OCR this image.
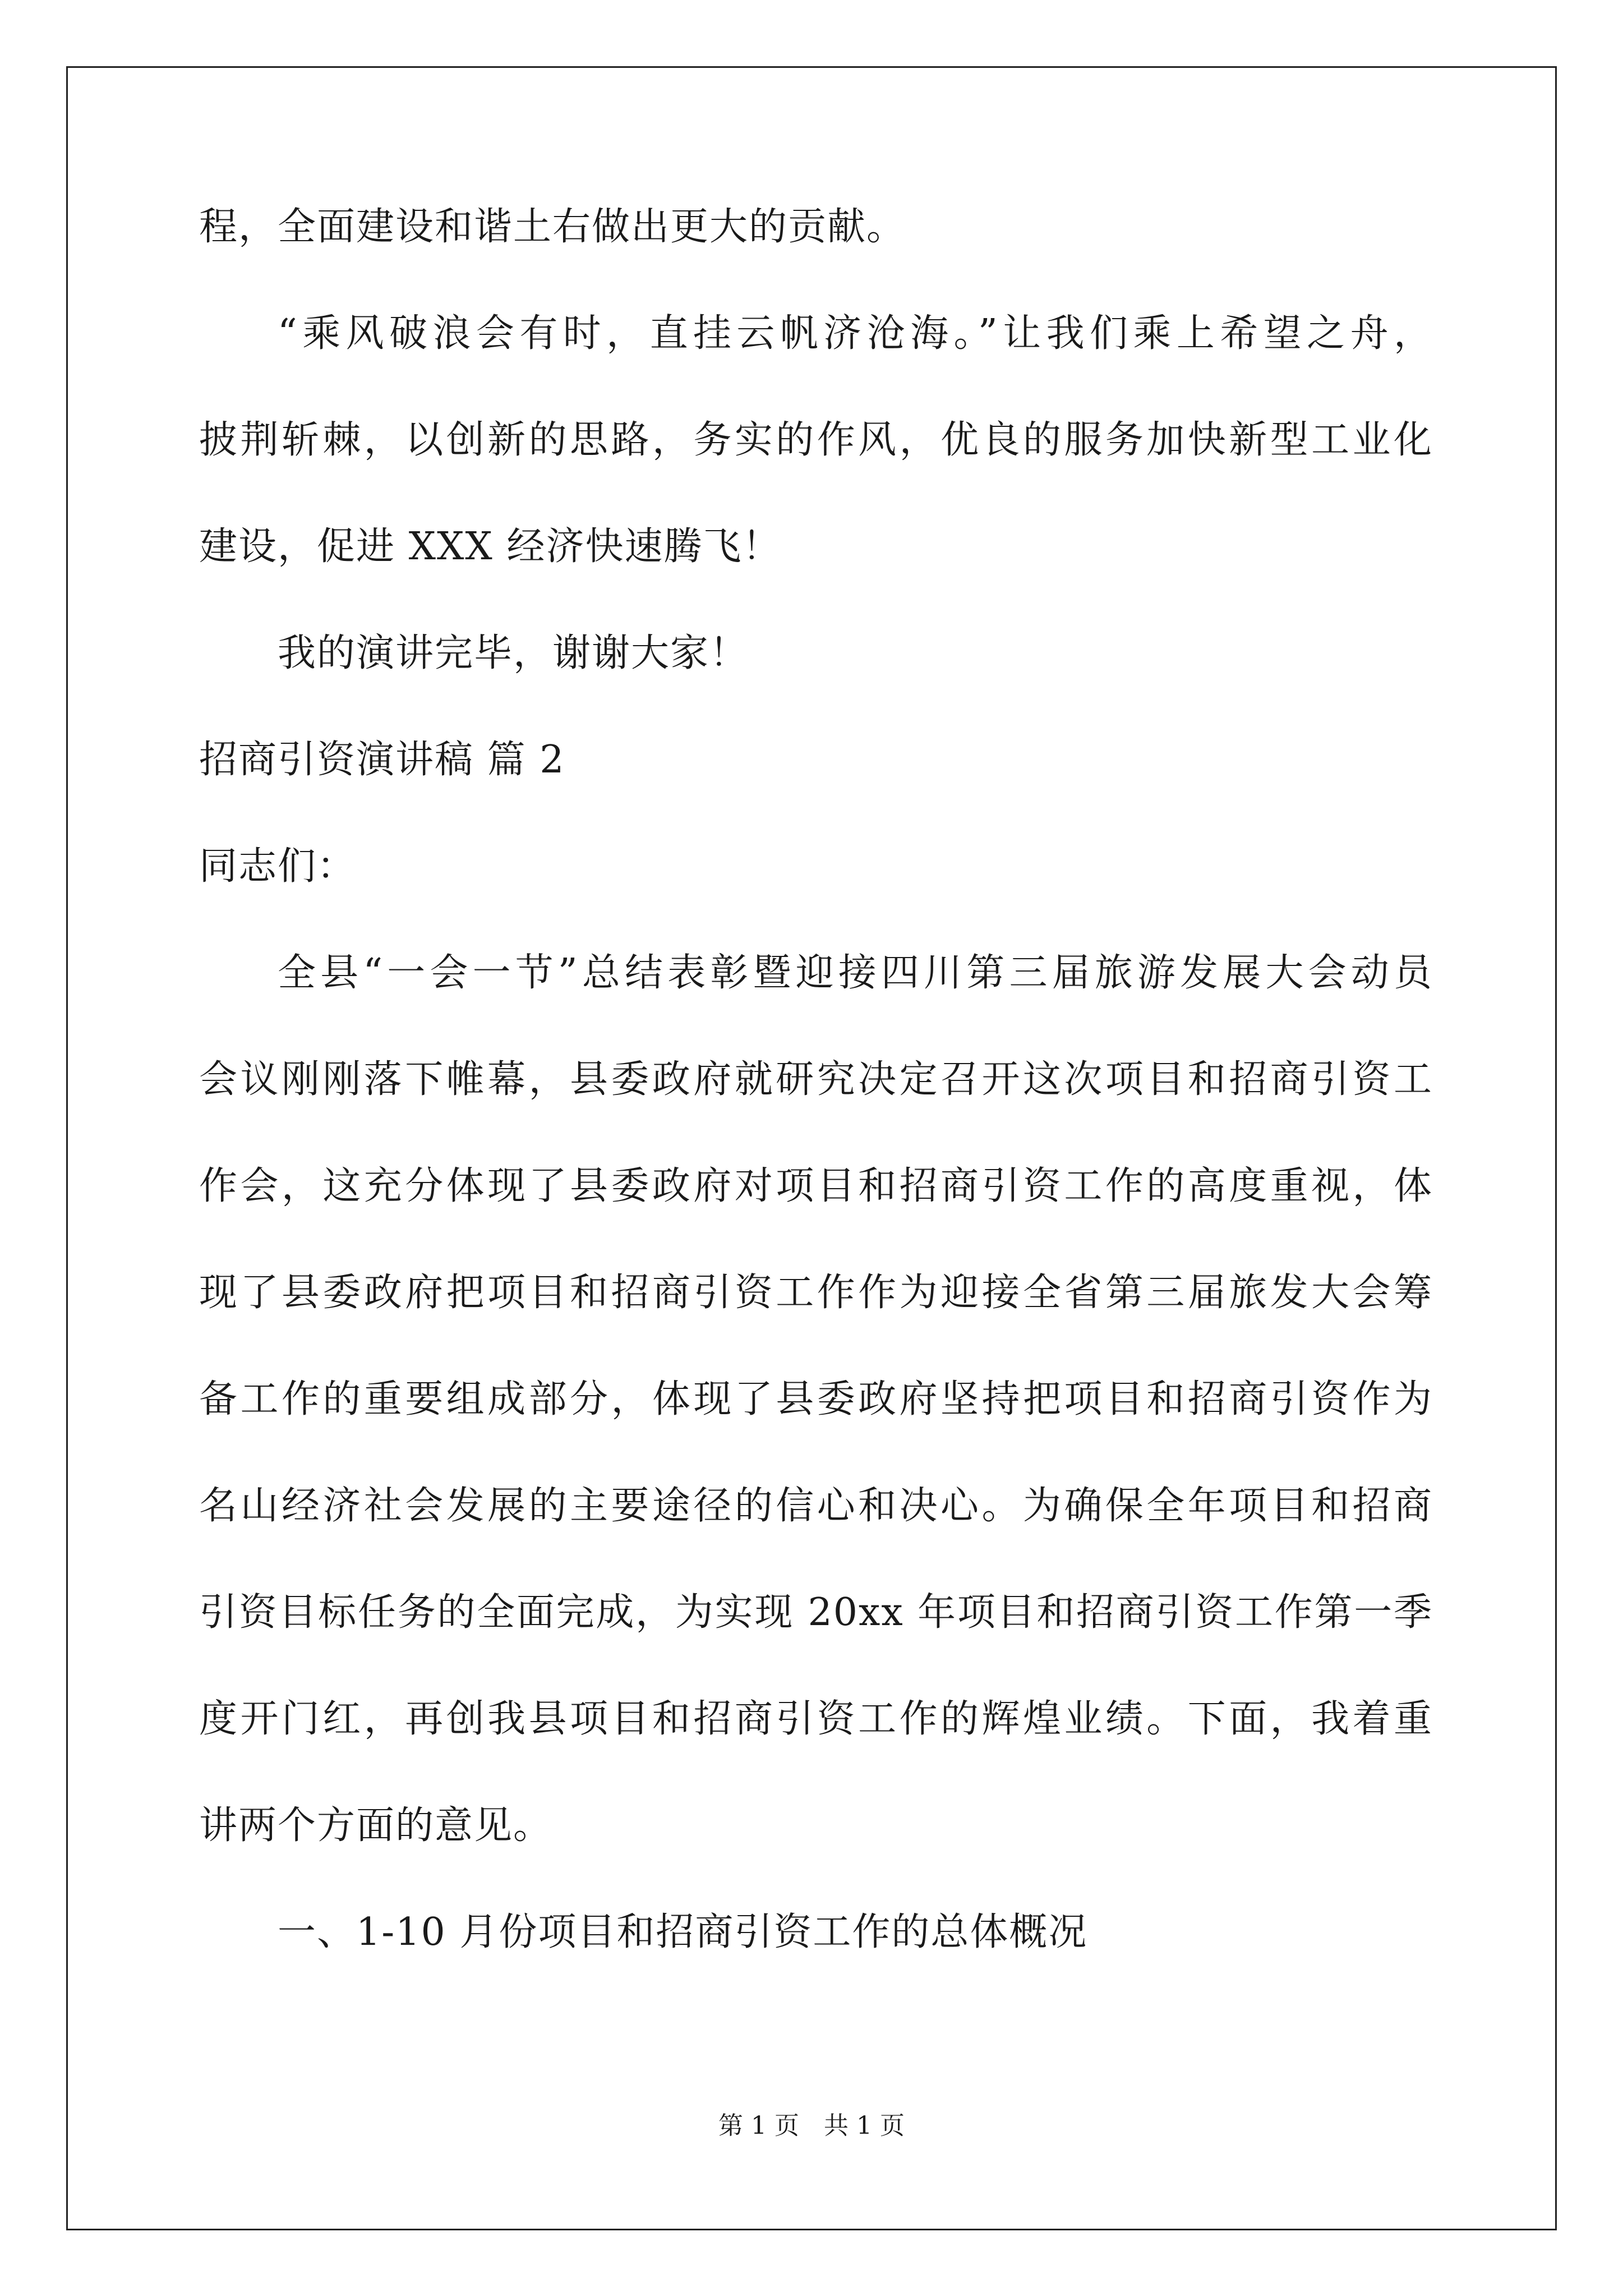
程，全面建设和谐土右做出更大的贡献。
“乘风破浪会有时，直挂云帆济沧海。”让我们乘上希望之舟，
披荆斩棘，以创新的思路，务实的作风，优良的服务加快新型工业化
建设，促进 XXX 经济快速腾飞！
我的演讲完毕，谢谢大家！
招商引资演讲稿 篇 2
同志们：
全县“一会一节”总结表彰暨迎接四川第三届旅游发展大会动员
会议刚刚落下帷幕，县委政府就研究决定召开这次项目和招商引资工
作会，这充分体现了县委政府对项目和招商引资工作的高度重视，体
现了县委政府把项目和招商引资工作作为迎接全省第三届旅发大会筹
备工作的重要组成部分，体现了县委政府坚持把项目和招商引资作为
名山经济社会发展的主要途径的信心和决心。为确保全年项目和招商
引资目标任务的全面完成，为实现 20xx 年项目和招商引资工作第一季
度开门红，再创我县项目和招商引资工作的辉煌业绩。下面，我着重
讲两个方面的意见。
一、1-10 月份项目和招商引资工作的总体概况
第 1 页　共 1 页
